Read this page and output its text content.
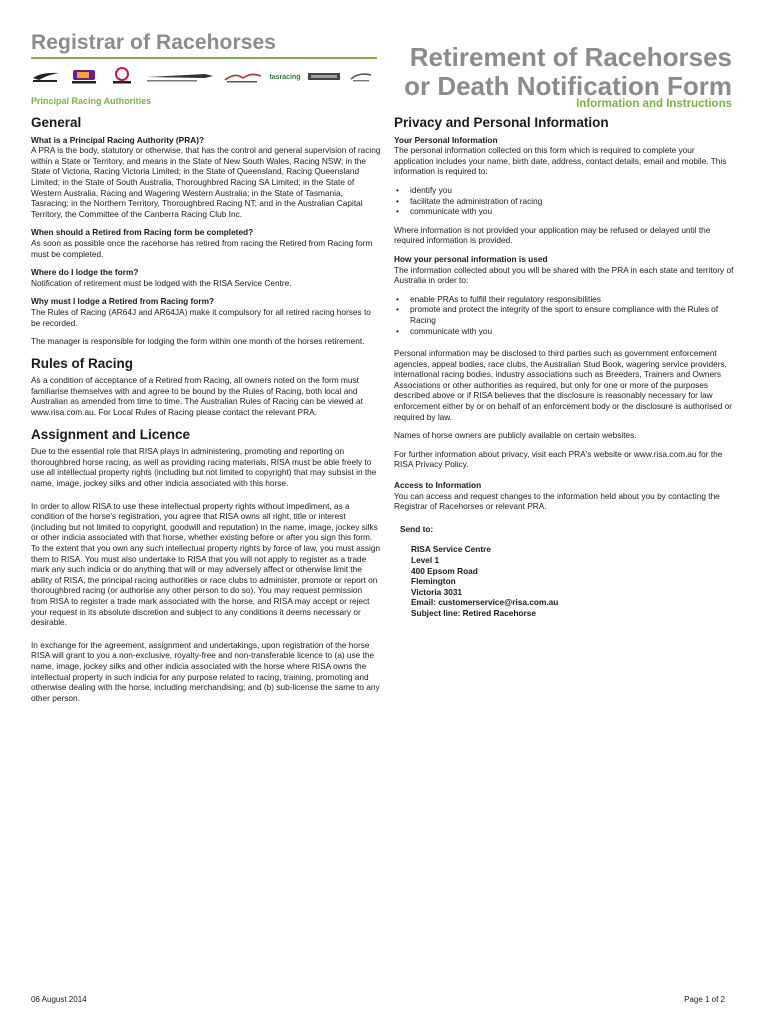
Registrar of Racehorses
tasracing
Principal Racing Authorities
Retirement of Racehorses
or Death Notification Form
Information and Instructions
General

What is a Principal Racing Authority (PRA)?

A PRA is the body, statutory or otherwise, that has the control and general supervision of racing within a State or Territory, and means in the State of New South Wales, Racing NSW; in the State of Victoria, Racing Victoria Limited; in the State of Queensland, Racing Queensland Limited; in the State of South Australia, Thoroughbred Racing SA Limited; in the State of Western Australia, Racing and Wagering Western Australia; in the State of Tasmania, Tasracing; in the Northern Territory, Thoroughbred Racing NT; and in the Australian Capital Territory, the Committee of the Canberra Racing Club Inc.

When should a Retired from Racing form be completed?

As soon as possible once the racehorse has retired from racing the Retired from Racing form must be completed.

Where do I lodge the form?

Notification of retirement must be lodged with the RISA Service Centre.

Why must I lodge a Retired from Racing form?

The Rules of Racing (AR64J and AR64JA) make it compulsory for all retired racing horses to be recorded.

The manager is responsible for lodging the form within one month of the horses retirement.

Rules of Racing

As a condition of acceptance of a Retired from Racing, all owners noted on the form must familiarise themselves with and agree to be bound by the Rules of Racing, both local and Australian as amended from time to time. The Australian Rules of Racing can be viewed at www.risa.com.au. For Local Rules of Racing please contact the relevant PRA.

Assignment and Licence

Due to the essential role that RISA plays in administering, promoting and reporting on thoroughbred horse racing, as well as providing racing materials, RISA must be able freely to use all intellectual property rights (including but not limited to copyright) that may subsist in the name, image, jockey silks and other indicia associated with this horse.

In order to allow RISA to use these intellectual property rights without impediment, as a condition of the horse's registration, you agree that RISA owns all right, title or interest (including but not limited to copyright, goodwill and reputation) in the name, image, jockey silks or other indicia associated with that horse, whether existing before or after you sign this form. To the extent that you own any such intellectual property rights by force of law, you must assign them to RISA. You must also undertake to RISA that you will not apply to register as a trade mark any such indicia or do anything that will or may adversely affect or otherwise limit the ability of RISA, the principal racing authorities or race clubs to administer, promote or report on thoroughbred racing (or authorise any other person to do so). You may request permission from RISA to register a trade mark associated with the horse, and RISA may accept or reject your request in its absolute discretion and subject to any conditions it deems necessary or desirable.

In exchange for the agreement, assignment and undertakings, upon registration of the horse RISA will grant to you a non-exclusive, royalty-free and non-transferable licence to (a) use the name, image, jockey silks and other indicia associated with the horse where RISA owns the intellectual property in such indicia for any purpose related to racing, training, promoting and otherwise dealing with the horse, including merchandising; and (b) sub-license the same to any other person.

Privacy and Personal Information

Your Personal Information

The personal information collected on this form which is required to complete your application includes your name, birth date, address, contact details, email and mobile. This information is required to:

• identify you
• facilitate the administration of racing
• communicate with you

Where information is not provided your application may be refused or delayed until the required information is provided.

How your personal information is used

The information collected about you will be shared with the PRA in each state and territory of Australia in order to:

• enable PRAs to fulfill their regulatory responsibilities
• promote and protect the integrity of the sport to ensure compliance with the Rules of Racing
• communicate with you

Personal information may be disclosed to third parties such as government enforcement agencies, appeal bodies, race clubs, the Australian Stud Book, wagering service providers, international racing bodies, industry associations such as Breeders, Trainers and Owners Associations or other authorities as required, but only for one or more of the purposes described above or if RISA believes that the disclosure is reasonably necessary for law enforcement either by or on behalf of an enforcement body or the disclosure is authorised or required by law.

Names of horse owners are publicly available on certain websites.

For further information about privacy, visit each PRA's website or www.risa.com.au for the RISA Privacy Policy.

Access to Information

You can access and request changes to the information held about you by contacting the Registrar of Racehorses or relevant PRA.

Send to:

RISA Service Centre
Level 1
400 Epsom Road
Flemington
Victoria 3031
Email: customerservice@risa.com.au
Subject line: Retired Racehorse
06 August 2014	Page 1 of 2
